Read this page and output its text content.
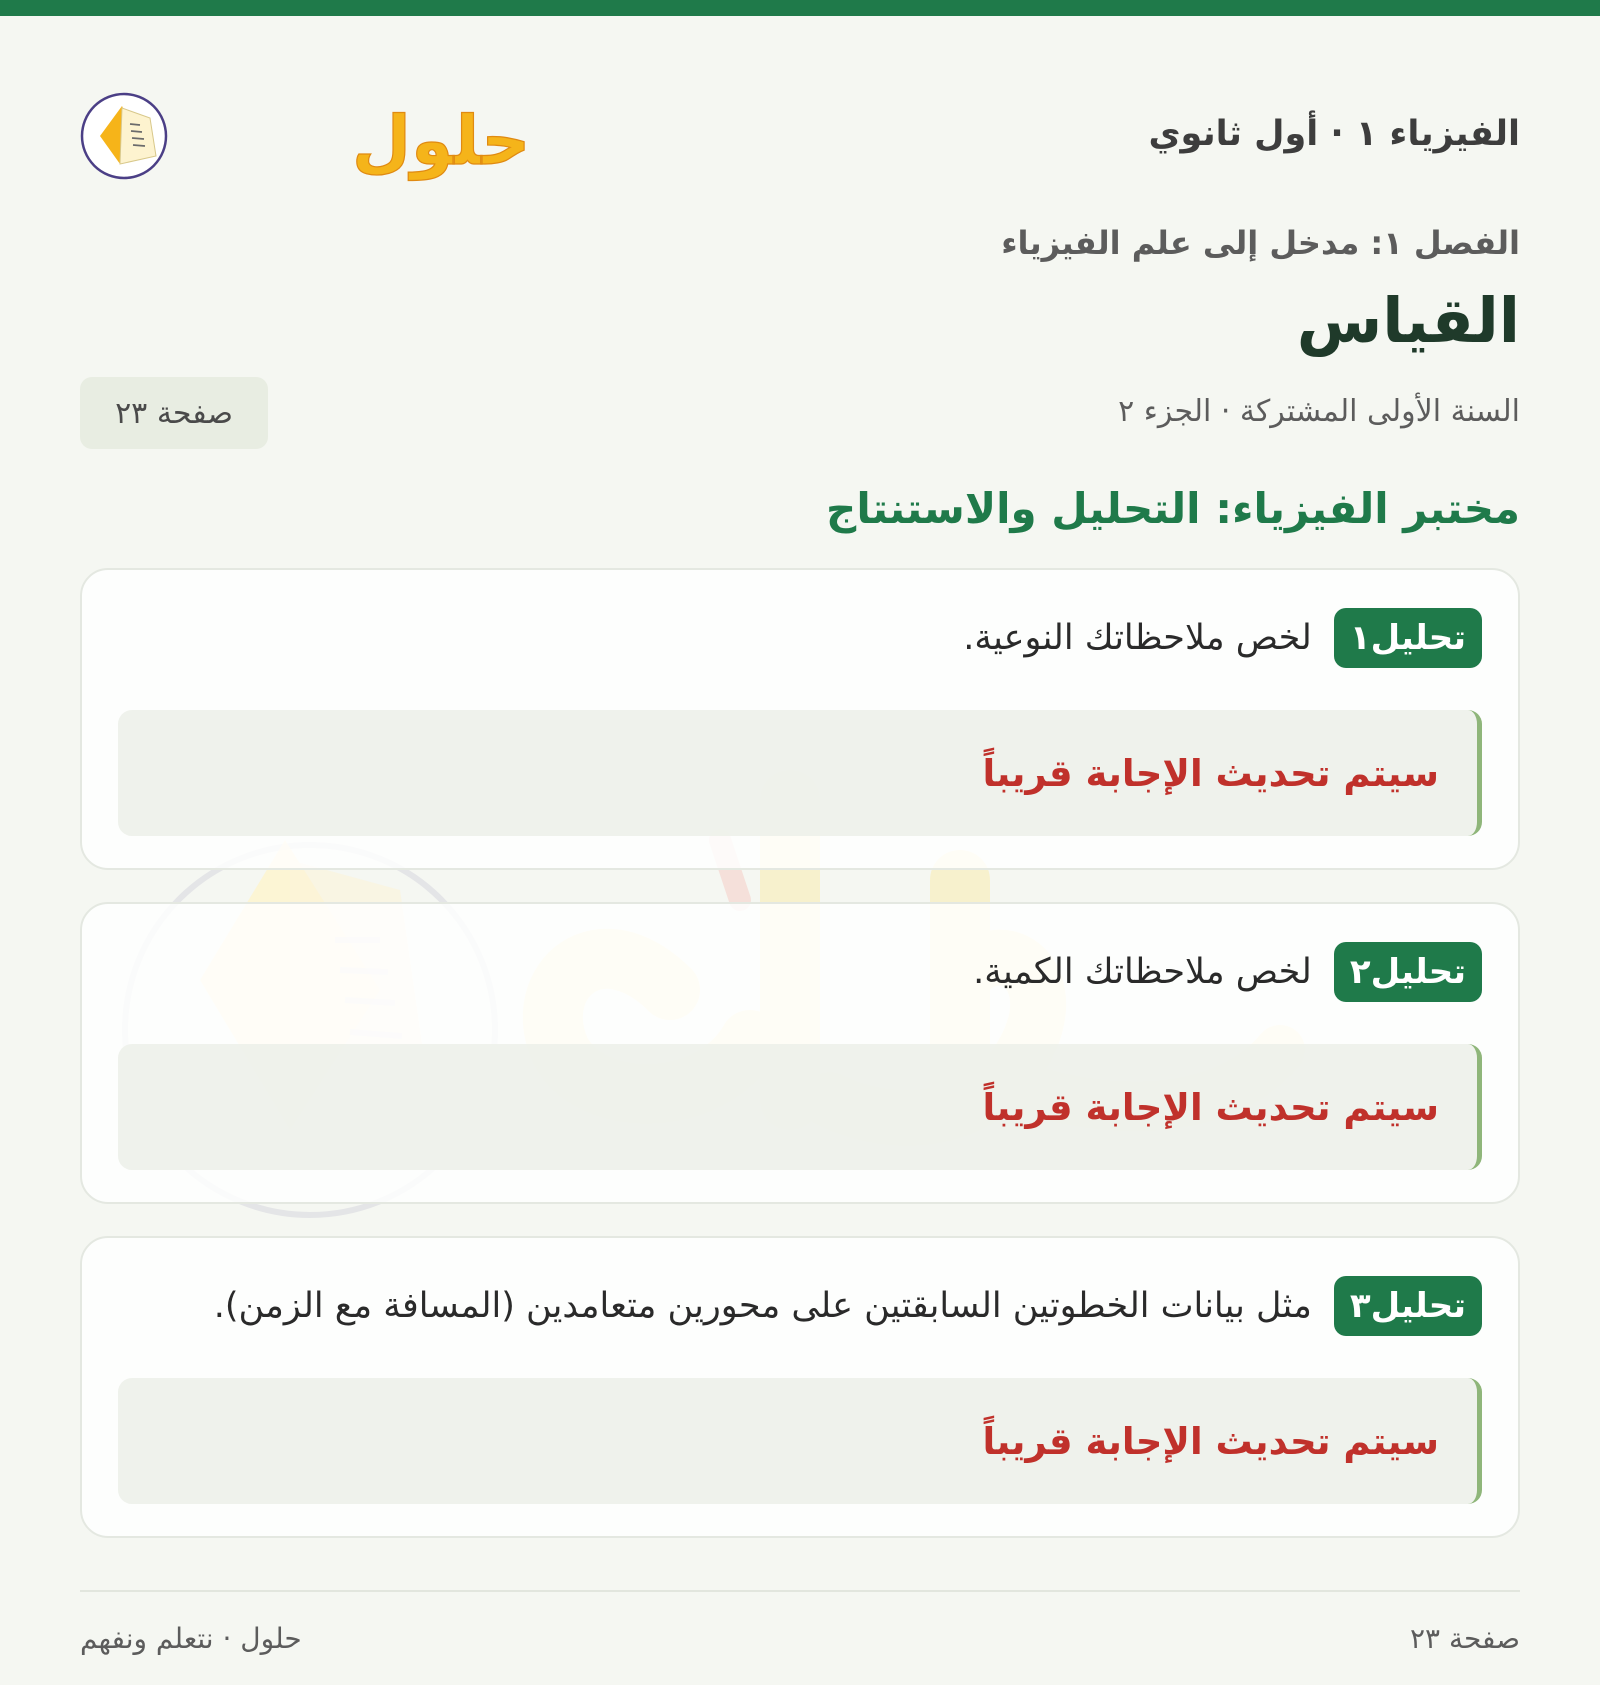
الفيزياء ١ · أول ثانوي
حلول
الفصل ١: مدخل إلى علم الفيزياء
القياس

السنة الأولى المشتركة · الجزء ٢

صفحة ٢٣
مختبر الفيزياء: التحليل والاستنتاج
تحليل١
لخص ملاحظاتك النوعية.
سيتم تحديث الإجابة قريباً
تحليل٢
لخص ملاحظاتك الكمية.
سيتم تحديث الإجابة قريباً
تحليل٣
مثل بيانات الخطوتين السابقتين على محورين متعامدين (المسافة مع الزمن).
سيتم تحديث الإجابة قريباً
صفحة ٢٣
حلول · نتعلم ونفهم
